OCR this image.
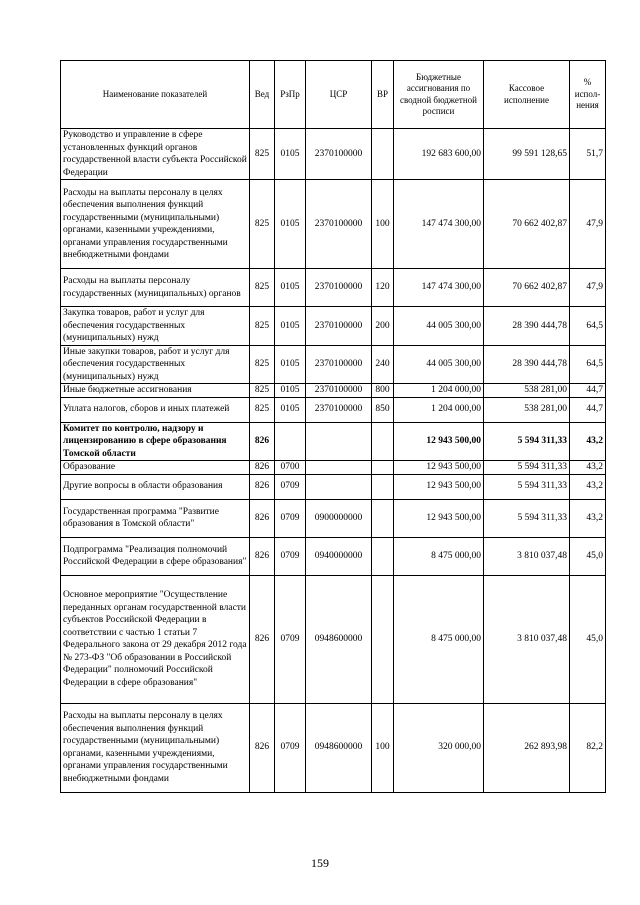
Наименование показателей	Вед	РзПр	ЦСР	ВР	Бюджетные ассигнования по сводной бюджетной росписи	Кассовое исполнение	% испол-нения
Руководство и управление в сфере установленных функций органов государственной власти субъекта Российской Федерации	825	0105	2370100000		192 683 600,00	99 591 128,65	51,7
Расходы на выплаты персоналу в целях обеспечения выполнения функций государственными (муниципальными) органами, казенными учреждениями, органами управления государственными внебюджетными фондами	825	0105	2370100000	100	147 474 300,00	70 662 402,87	47,9
Расходы на выплаты персоналу государственных (муниципальных) органов	825	0105	2370100000	120	147 474 300,00	70 662 402,87	47,9
Закупка товаров, работ и услуг для обеспечения государственных (муниципальных) нужд	825	0105	2370100000	200	44 005 300,00	28 390 444,78	64,5
Иные закупки товаров, работ и услуг для обеспечения государственных (муниципальных) нужд	825	0105	2370100000	240	44 005 300,00	28 390 444,78	64,5
Иные бюджетные ассигнования	825	0105	2370100000	800	1 204 000,00	538 281,00	44,7
Уплата налогов, сборов и иных платежей	825	0105	2370100000	850	1 204 000,00	538 281,00	44,7
Комитет по контролю, надзору и лицензированию в сфере образования Томской области	826				12 943 500,00	5 594 311,33	43,2
Образование	826	0700			12 943 500,00	5 594 311,33	43,2
Другие вопросы в области образования	826	0709			12 943 500,00	5 594 311,33	43,2
Государственная программа "Развитие образования в Томской области"	826	0709	0900000000		12 943 500,00	5 594 311,33	43,2
Подпрограмма "Реализация полномочий Российской Федерации в сфере образования"	826	0709	0940000000		8 475 000,00	3 810 037,48	45,0
Основное мероприятие "Осуществление переданных органам государственной власти субъектов Российской Федерации в соответствии с частью 1 статьи 7 Федерального закона от 29 декабря 2012 года № 273-ФЗ "Об образовании в Российской Федерации" полномочий Российской Федерации в сфере образования"	826	0709	0948600000		8 475 000,00	3 810 037,48	45,0
Расходы на выплаты персоналу в целях обеспечения выполнения функций государственными (муниципальными) органами, казенными учреждениями, органами управления государственными внебюджетными фондами	826	0709	0948600000	100	320 000,00	262 893,98	82,2
159
